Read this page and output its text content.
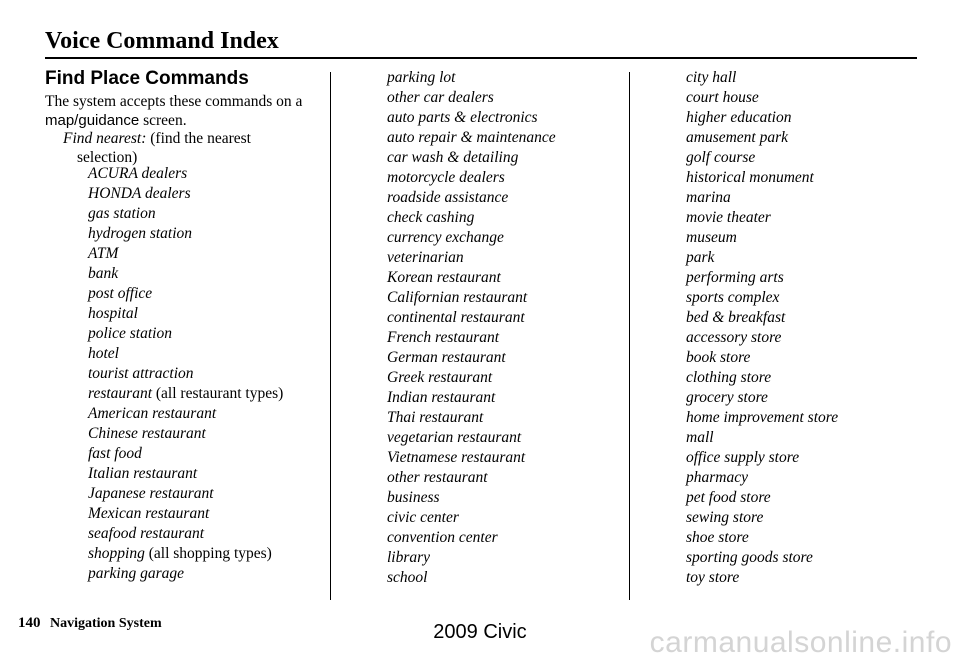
Voice Command Index
Find Place Commands
The system accepts these commands on a map/guidance screen.
Find nearest: (find the nearest
selection)
ACURA dealers
HONDA dealers
gas station
hydrogen station
ATM
bank
post office
hospital
police station
hotel
tourist attraction
restaurant (all restaurant types)
American restaurant
Chinese restaurant
fast food
Italian restaurant
Japanese restaurant
Mexican restaurant
seafood restaurant
shopping (all shopping types)
parking garage
parking lot
other car dealers
auto parts & electronics
auto repair & maintenance
car wash & detailing
motorcycle dealers
roadside assistance
check cashing
currency exchange
veterinarian
Korean restaurant
Californian restaurant
continental restaurant
French restaurant
German restaurant
Greek restaurant
Indian restaurant
Thai restaurant
vegetarian restaurant
Vietnamese restaurant
other restaurant
business
civic center
convention center
library
school
city hall
court house
higher education
amusement park
golf course
historical monument
marina
movie theater
museum
park
performing arts
sports complex
bed & breakfast
accessory store
book store
clothing store
grocery store
home improvement store
mall
office supply store
pharmacy
pet food store
sewing store
shoe store
sporting goods store
toy store
140 Navigation System	2009 Civic	carmanualsonline.info
